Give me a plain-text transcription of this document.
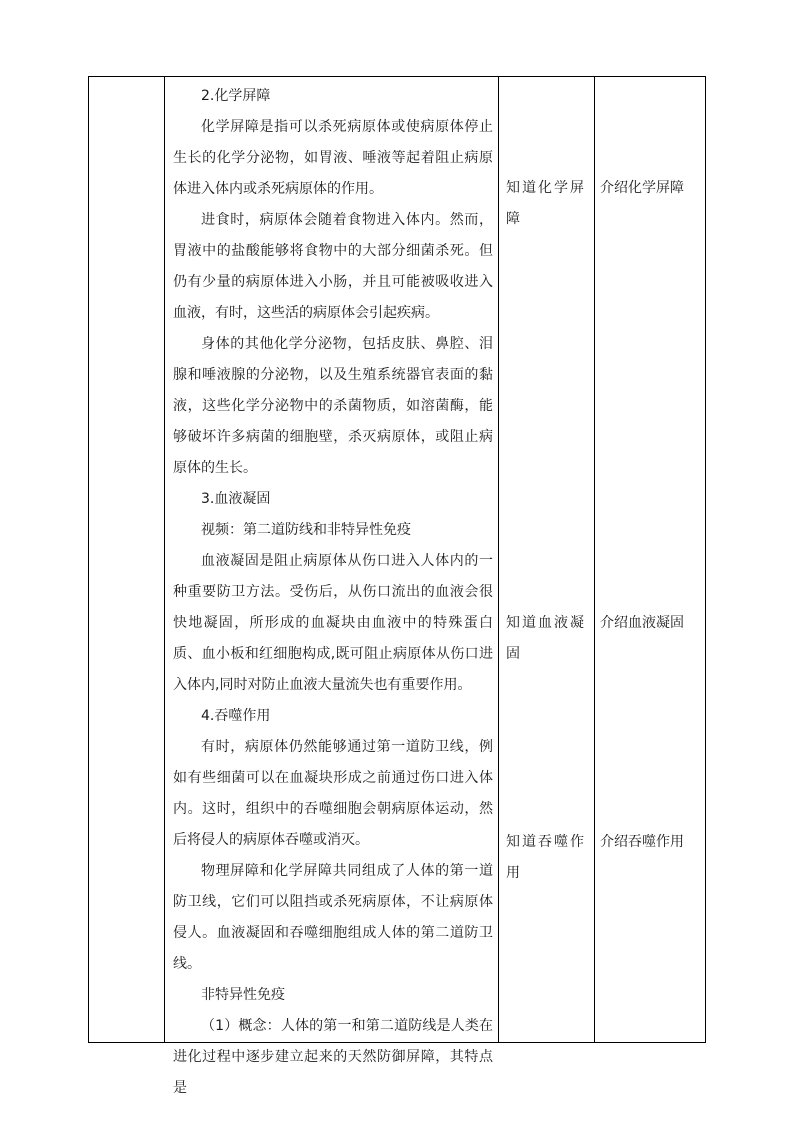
2.化学屏障

化学屏障是指可以杀死病原体或使病原体停止生长的化学分泌物，如胃液、唾液等起着阻止病原体进入体内或杀死病原体的作用。

进食时，病原体会随着食物进入体内。然而，胃液中的盐酸能够将食物中的大部分细菌杀死。但仍有少量的病原体进入小肠，并且可能被吸收进入血液，有时，这些活的病原体会引起疾病。

身体的其他化学分泌物，包括皮肤、鼻腔、泪腺和唾液腺的分泌物，以及生殖系统器官表面的黏液，这些化学分泌物中的杀菌物质，如溶菌酶，能够破坏许多病菌的细胞壁，杀灭病原体，或阻止病原体的生长。

3.血液凝固

视频：第二道防线和非特异性免疫

血液凝固是阻止病原体从伤口进入人体内的一种重要防卫方法。受伤后，从伤口流出的血液会很快地凝固，所形成的血凝块由血液中的特殊蛋白质、血小板和红细胞构成,既可阻止病原体从伤口进入体内,同时对防止血液大量流失也有重要作用。

4.吞噬作用

有时，病原体仍然能够通过第一道防卫线，例如有些细菌可以在血凝块形成之前通过伤口进入体内。这时，组织中的吞噬细胞会朝病原体运动，然后将侵人的病原体吞噬或消灭。

物理屏障和化学屏障共同组成了人体的第一道防卫线，它们可以阻挡或杀死病原体，不让病原体侵人。血液凝固和吞噬细胞组成人体的第二道防卫线。

非特异性免疫

（1）概念：人体的第一和第二道防线是人类在进化过程中逐步建立起来的天然防御屏障，其特点是

知道化学屏障
知道血液凝固
知道吞噬作用
介绍化学屏障
介绍血液凝固
介绍吞噬作用
